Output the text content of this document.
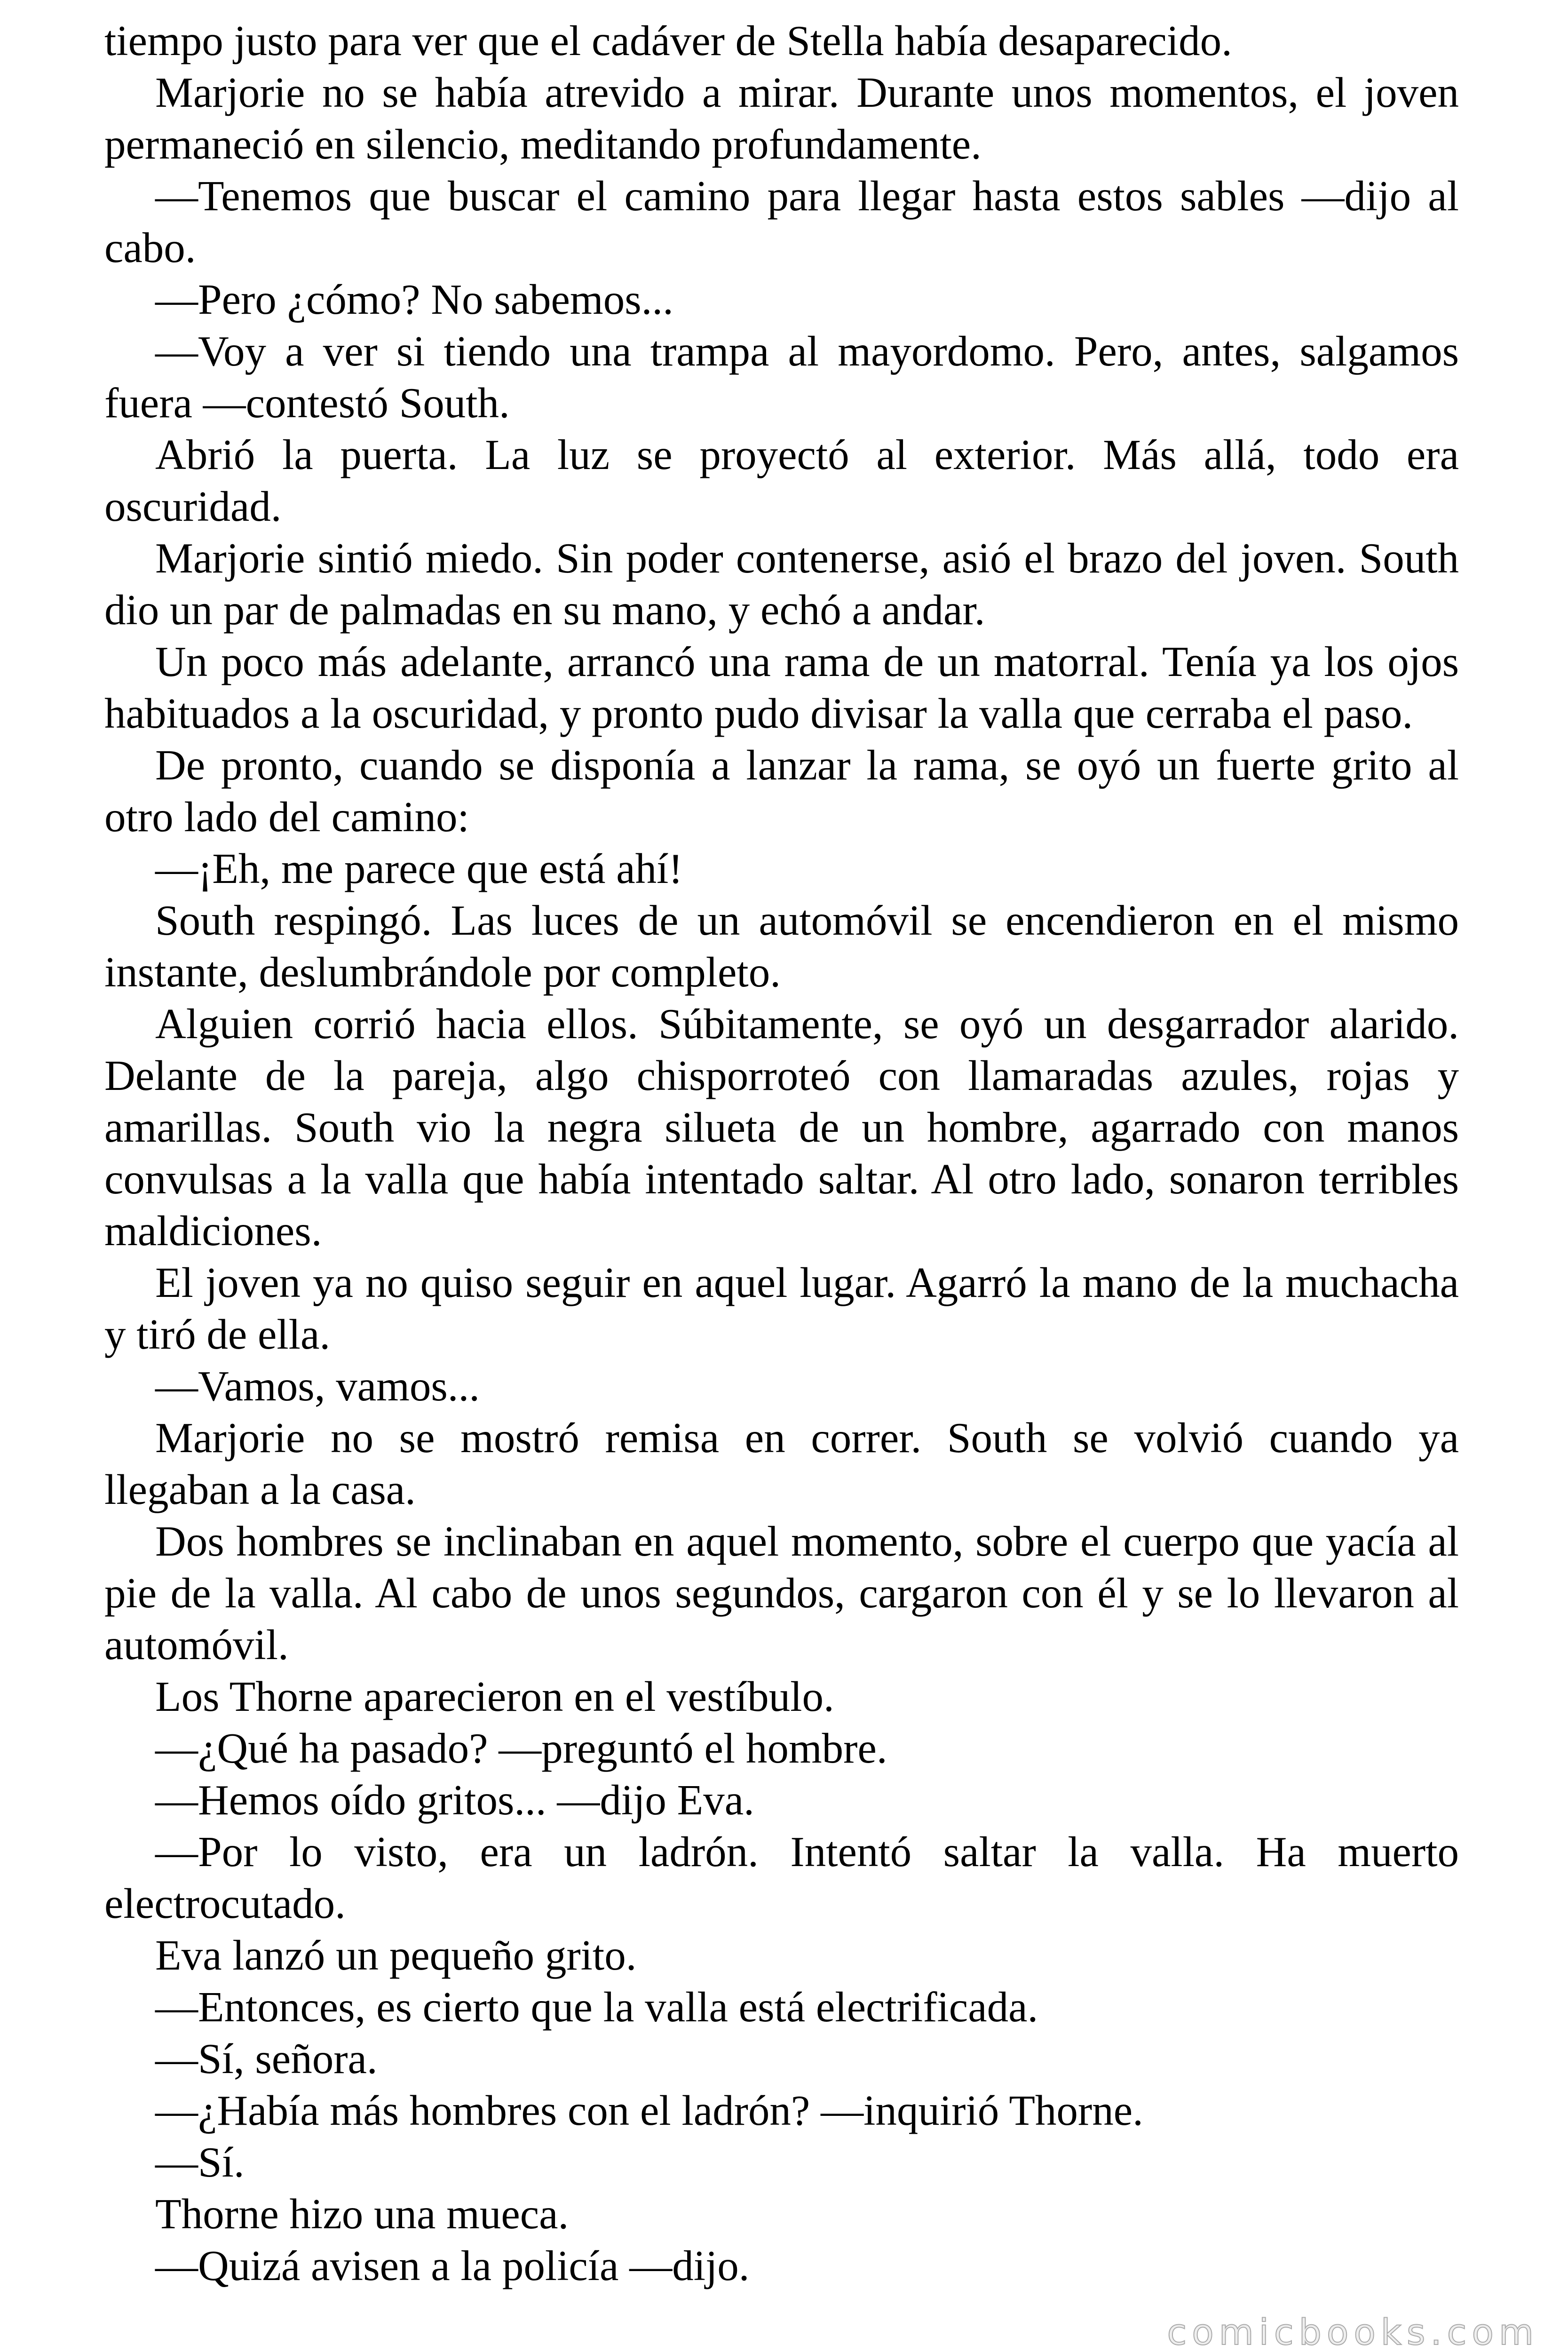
tiempo justo para ver que el cadáver de Stella había desaparecido.
Marjorie no se había atrevido a mirar. Durante unos momentos, el joven
permaneció en silencio, meditando profundamente.
—Tenemos que buscar el camino para llegar hasta estos sables —dijo al
cabo.
—Pero ¿cómo? No sabemos...
—Voy a ver si tiendo una trampa al mayordomo. Pero, antes, salgamos
fuera —contestó South.
Abrió la puerta. La luz se proyectó al exterior. Más allá, todo era
oscuridad.
Marjorie sintió miedo. Sin poder contenerse, asió el brazo del joven. South
dio un par de palmadas en su mano, y echó a andar.
Un poco más adelante, arrancó una rama de un matorral. Tenía ya los ojos
habituados a la oscuridad, y pronto pudo divisar la valla que cerraba el paso.
De pronto, cuando se disponía a lanzar la rama, se oyó un fuerte grito al
otro lado del camino:
—¡Eh, me parece que está ahí!
South respingó. Las luces de un automóvil se encendieron en el mismo
instante, deslumbrándole por completo.
Alguien corrió hacia ellos. Súbitamente, se oyó un desgarrador alarido.
Delante de la pareja, algo chisporroteó con llamaradas azules, rojas y
amarillas. South vio la negra silueta de un hombre, agarrado con manos
convulsas a la valla que había intentado saltar. Al otro lado, sonaron terribles
maldiciones.
El joven ya no quiso seguir en aquel lugar. Agarró la mano de la muchacha
y tiró de ella.
—Vamos, vamos...
Marjorie no se mostró remisa en correr. South se volvió cuando ya
llegaban a la casa.
Dos hombres se inclinaban en aquel momento, sobre el cuerpo que yacía al
pie de la valla. Al cabo de unos segundos, cargaron con él y se lo llevaron al
automóvil.
Los Thorne aparecieron en el vestíbulo.
—¿Qué ha pasado? —preguntó el hombre.
—Hemos oído gritos... —dijo Eva.
—Por lo visto, era un ladrón. Intentó saltar la valla. Ha muerto
electrocutado.
Eva lanzó un pequeño grito.
—Entonces, es cierto que la valla está electrificada.
—Sí, señora.
—¿Había más hombres con el ladrón? —inquirió Thorne.
—Sí.
Thorne hizo una mueca.
—Quizá avisen a la policía —dijo.
comicbooks.com
